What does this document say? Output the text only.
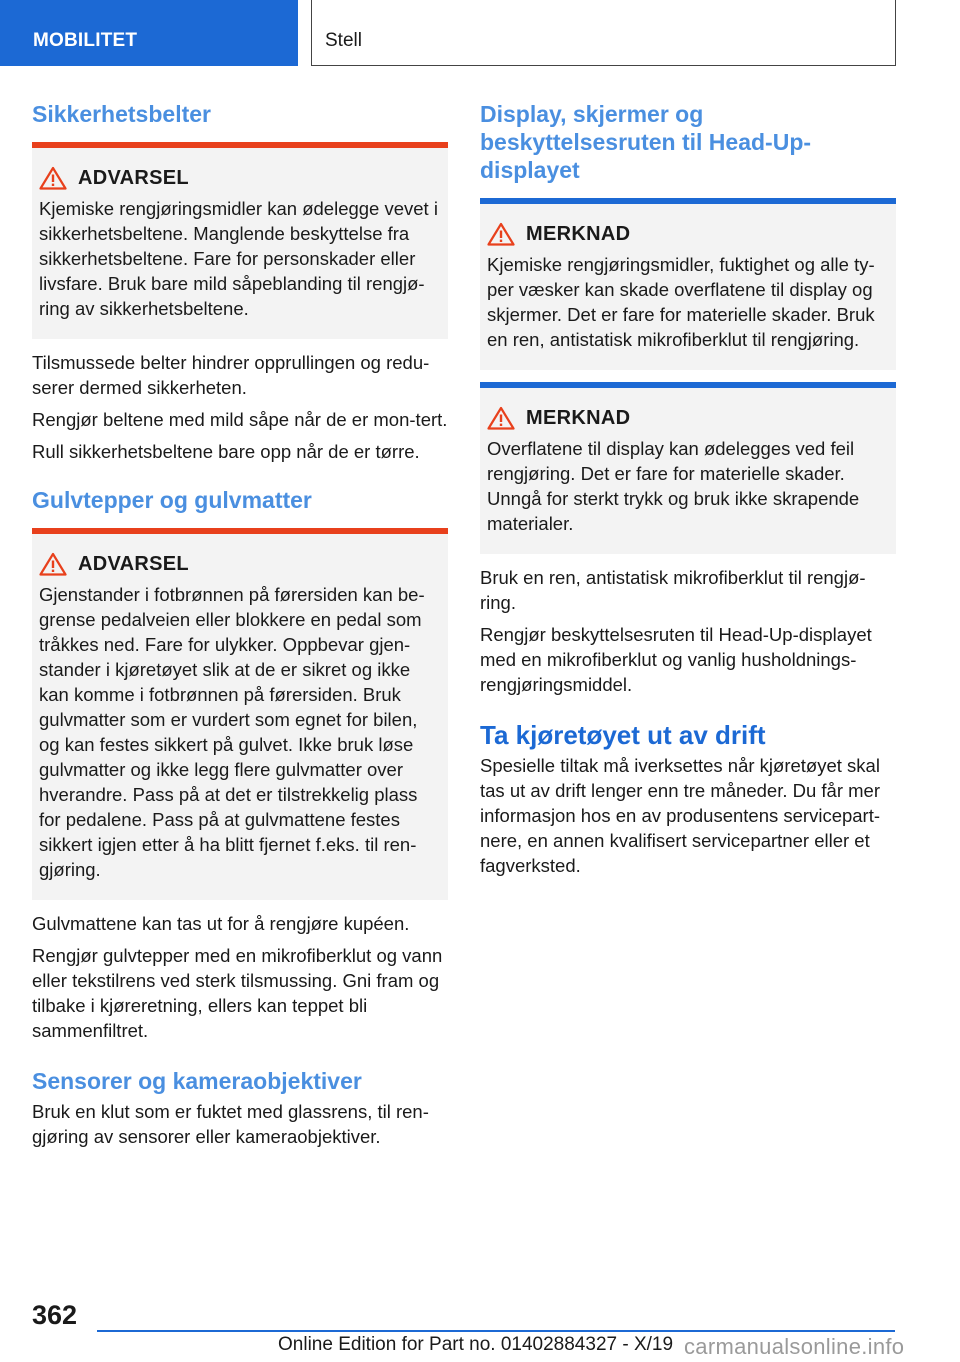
MOBILITET	Stell
Sikkerhetsbelter
ADVARSEL

Kjemiske rengjøringsmidler kan ødelegge vevet i sikkerhetsbeltene. Manglende beskyttelse fra sikkerhetsbeltene. Fare for personskader eller livsfare. Bruk bare mild såpeblanding til rengjø-ring av sikkerhetsbeltene.

Tilsmussede belter hindrer opprullingen og redu-serer dermed sikkerheten.

Rengjør beltene med mild såpe når de er mon-tert.

Rull sikkerhetsbeltene bare opp når de er tørre.

Gulvtepper og gulvmatter
ADVARSEL

Gjenstander i fotbrønnen på førersiden kan be-grense pedalveien eller blokkere en pedal som tråkkes ned. Fare for ulykker. Oppbevar gjen-stander i kjøretøyet slik at de er sikret og ikke kan komme i fotbrønnen på førersiden. Bruk gulvmatter som er vurdert som egnet for bilen, og kan festes sikkert på gulvet. Ikke bruk løse gulvmatter og ikke legg flere gulvmatter over hverandre. Pass på at det er tilstrekkelig plass for pedalene. Pass på at gulvmattene festes sikkert igjen etter å ha blitt fjernet f.eks. til ren-gjøring.

Gulvmattene kan tas ut for å rengjøre kupéen.

Rengjør gulvtepper med en mikrofiberklut og vann eller tekstilrens ved sterk tilsmussing. Gni fram og tilbake i kjøreretning, ellers kan teppet bli sammenfiltret.

Sensorer og kameraobjektiver

Bruk en klut som er fuktet med glassrens, til ren-gjøring av sensorer eller kameraobjektiver.

Display, skjermer og beskyttelsesruten til Head-Up-displayet
MERKNAD

Kjemiske rengjøringsmidler, fuktighet og alle ty-per væsker kan skade overflatene til display og skjermer. Det er fare for materielle skader. Bruk en ren, antistatisk mikrofiberklut til rengjøring.

MERKNAD

Overflatene til display kan ødelegges ved feil rengjøring. Det er fare for materielle skader. Unngå for sterkt trykk og bruk ikke skrapende materialer.

Bruk en ren, antistatisk mikrofiberklut til rengjø-ring.

Rengjør beskyttelsesruten til Head-Up-displayet med en mikrofiberklut og vanlig husholdnings-rengjøringsmiddel.

Ta kjøretøyet ut av drift

Spesielle tiltak må iverksettes når kjøretøyet skal tas ut av drift lenger enn tre måneder. Du får mer informasjon hos en av produsentens servicepart-nere, en annen kvalifisert servicepartner eller et fagverksted.

362
Online Edition for Part no. 01402884327 - X/19 carmanualsonline.info
